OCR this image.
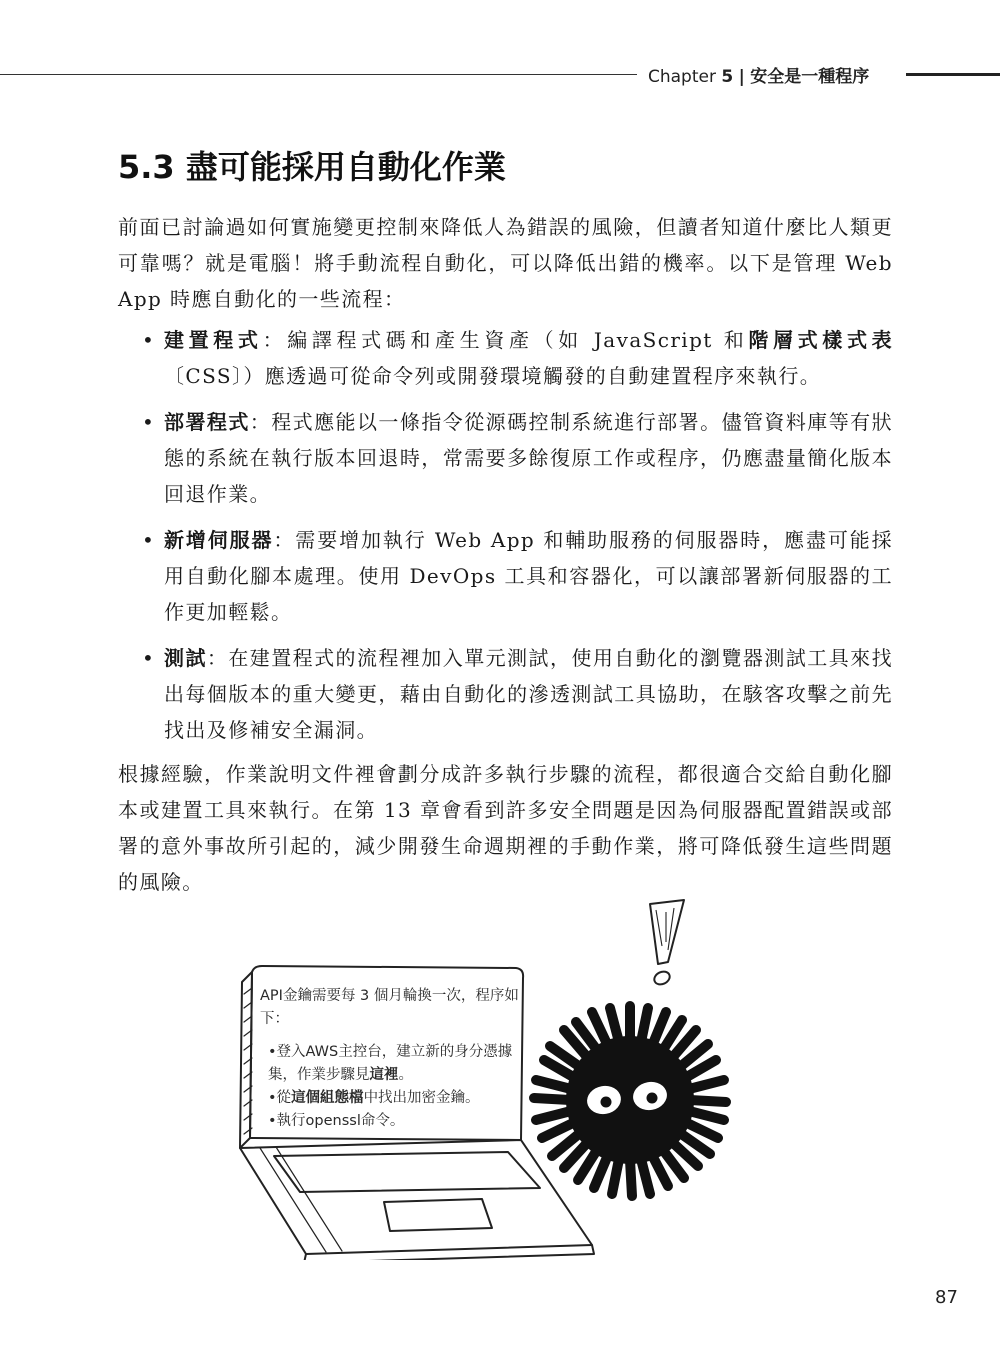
Chapter 5 | 安全是一種程序
5.3 盡可能採用自動化作業

前面已討論過如何實施變更控制來降低人為錯誤的風險，但讀者知道什麼比人類更可靠嗎？就是電腦！將手動流程自動化，可以降低出錯的機率。以下是管理 Web App 時應自動化的一些流程：

• 建置程式：編譯程式碼和產生資產（如 JavaScript 和階層式樣式表〔CSS〕）應透過可從命令列或開發環境觸發的自動建置程序來執行。
• 部署程式：程式應能以一條指令從源碼控制系統進行部署。儘管資料庫等有狀態的系統在執行版本回退時，常需要多餘復原工作或程序，仍應盡量簡化版本回退作業。
• 新增伺服器：需要增加執行 Web App 和輔助服務的伺服器時，應盡可能採用自動化腳本處理。使用 DevOps 工具和容器化，可以讓部署新伺服器的工作更加輕鬆。
• 測試：在建置程式的流程裡加入單元測試，使用自動化的瀏覽器測試工具來找出每個版本的重大變更，藉由自動化的滲透測試工具協助，在駭客攻擊之前先找出及修補安全漏洞。

根據經驗，作業說明文件裡會劃分成許多執行步驟的流程，都很適合交給自動化腳本或建置工具來執行。在第 13 章會看到許多安全問題是因為伺服器配置錯誤或部署的意外事故所引起的，減少開發生命週期裡的手動作業，將可降低發生這些問題的風險。

API金鑰需要每 3 個月輪換一次，程序如下：

•登入AWS主控台，建立新的身分憑據集，作業步驟見這裡。
•從這個組態檔中找出加密金鑰。
•執行openssl命令。
87
